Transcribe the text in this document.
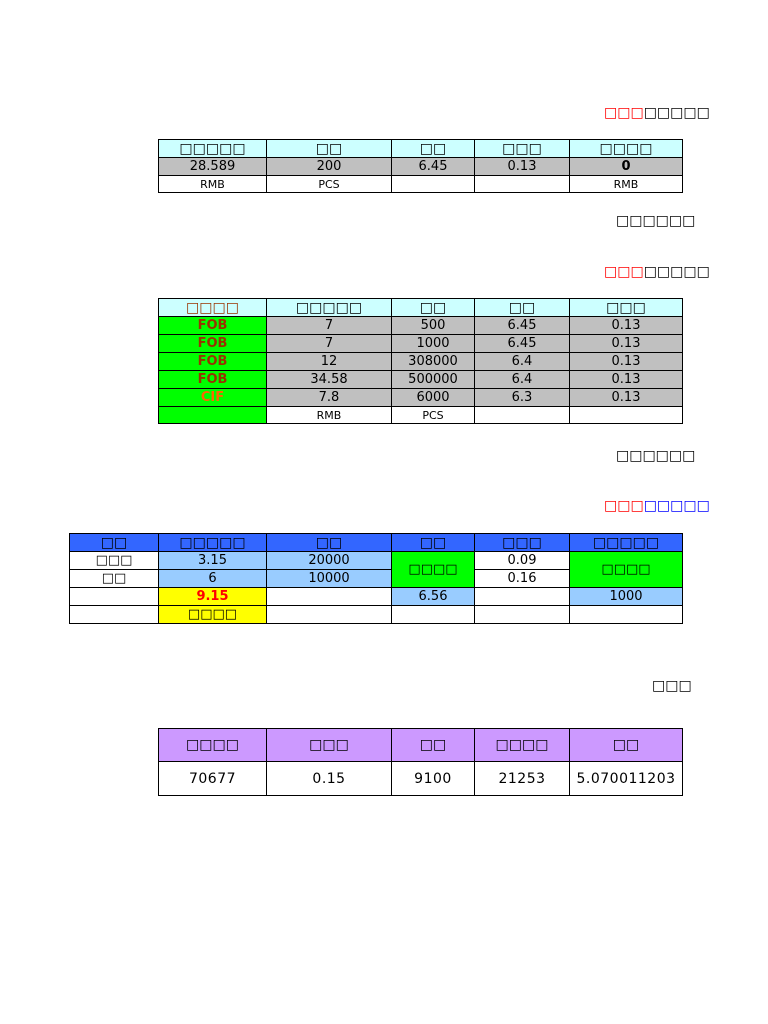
□□□□□□□□
□□□□□	□□	□□	□□□	□□□□
28.589	200	6.45	0.13	0
RMB	PCS			RMB
□□□□□□
□□□□□□□□
□□□□	□□□□□	□□	□□	□□□
FOB	7	500	6.45	0.13
FOB	7	1000	6.45	0.13
FOB	12	308000	6.4	0.13
FOB	34.58	500000	6.4	0.13
CIF	7.8	6000	6.3	0.13
	RMB	PCS		
□□□□□□
□□□□□□□□
□□	□□□□□	□□	□□	□□□	□□□□□
□□□	3.15	20000	□□□□	0.09	□□□□
□□	6	10000		0.16	
	9.15		6.56		1000
	□□□□				
□□□
□□□□	□□□	□□	□□□□	□□
70677	0.15	9100	21253	5.070011203
